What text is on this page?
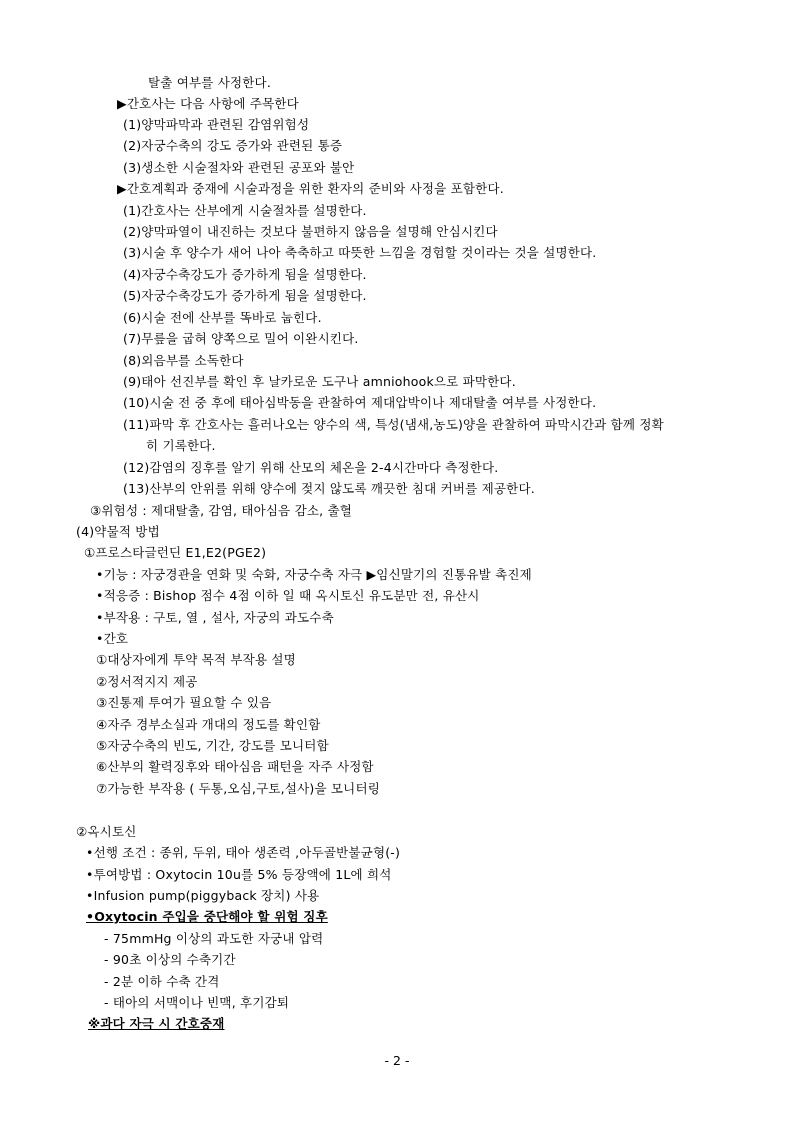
탈출 여부를 사정한다.
▶간호사는 다음 사항에 주목한다
(1)양막파막과 관련된 감염위험성
(2)자궁수축의 강도 증가와 관련된 통증
(3)생소한 시술절차와 관련된 공포와 불안
▶간호계획과 중재에 시술과정을 위한 환자의 준비와 사정을 포함한다.
(1)간호사는 산부에게 시술절차를 설명한다.
(2)양막파열이 내진하는 것보다 불편하지 않음을 설명해 안심시킨다
(3)시술 후 양수가 새어 나아 축축하고 따뜻한 느낌을 경험할 것이라는 것을 설명한다.
(4)자궁수축강도가 증가하게 됨을 설명한다.
(5)자궁수축강도가 증가하게 됨을 설명한다.
(6)시술 전에 산부를 똑바로 눕힌다.
(7)무릎을 굽혀 양쪽으로 밀어 이완시킨다.
(8)외음부를 소독한다
(9)태아 선진부를 확인 후 날카로운 도구나 amniohook으로 파막한다.
(10)시술 전 중 후에 태아심박동을 관찰하여 제대압박이나 제대탈출 여부를 사정한다.
(11)파막 후 간호사는 흘러나오는 양수의 색, 특성(냄새,농도)양을 관찰하여 파막시간과 함께 정확
히 기록한다.
(12)감염의 징후를 알기 위해 산모의 체온을 2-4시간마다 측정한다.
(13)산부의 안위를 위해 양수에 젖지 않도록 깨끗한 침대 커버를 제공한다.
③위험성 : 제대탈출, 감염, 태아심음 감소, 출혈
(4)약물적 방법
①프로스타글런딘 E1,E2(PGE2)
•기능 : 자궁경관을 연화 및 숙화, 자궁수축 자극 ▶임신말기의 진통유발 촉진제
•적응증 : Bishop 점수 4점 이하 일 때 옥시토신 유도분만 전, 유산시
•부작용 : 구토, 열 , 설사, 자궁의 과도수축
•간호
①대상자에게 투약 목적 부작용 설명
②정서적지지 제공
③진통제 투여가 필요할 수 있음
④자주 경부소실과 개대의 정도를 확인함
⑤자궁수축의 빈도, 기간, 강도를 모니터함
⑥산부의 활력징후와 태아심음 패턴을 자주 사정함
⑦가능한 부작용 ( 두통,오심,구토,설사)을 모니터링
②옥시토신
•선행 조건 : 종위, 두위, 태아 생존력 ,아두골반불균형(-)
•투여방법 : Oxytocin 10u를 5% 등장액에 1L에 희석
•Infusion pump(piggyback 장치) 사용
•Oxytocin 주입을 중단해야 할 위험 징후
- 75mmHg 이상의 과도한 자궁내 압력
- 90초 이상의 수축기간
- 2분 이하 수축 간격
- 태아의 서맥이나 빈맥, 후기감퇴
※과다 자극 시 간호중재
- 2 -
